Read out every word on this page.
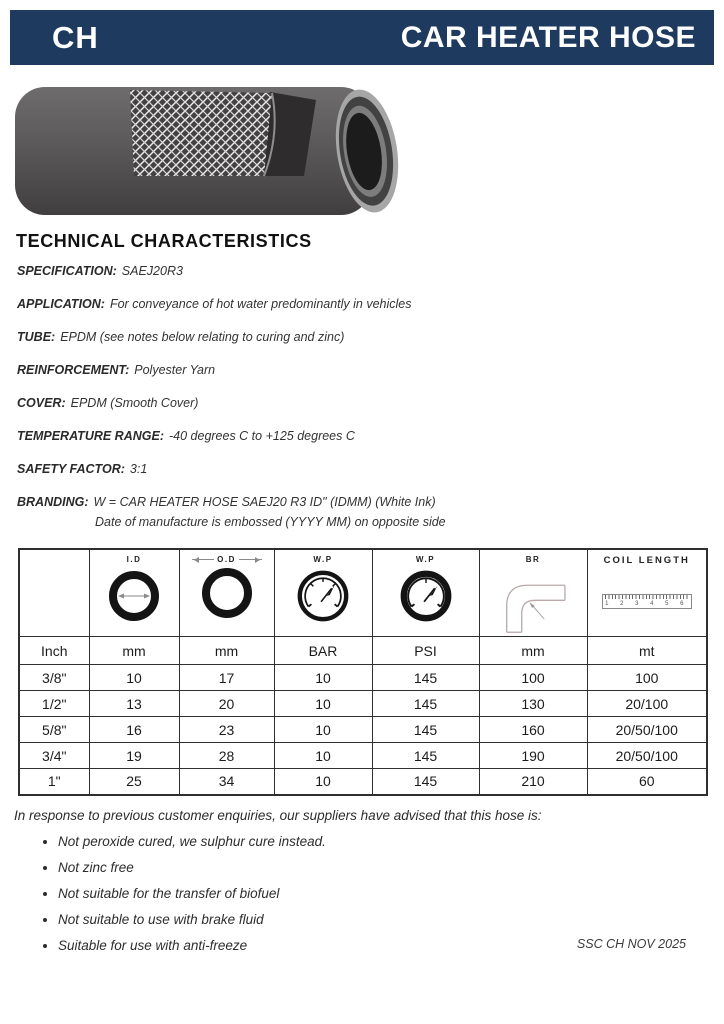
CH	CAR HEATER HOSE
TECHNICAL CHARACTERISTICS
SPECIFICATION: SAEJ20R3
APPLICATION: For conveyance of hot water predominantly in vehicles
TUBE: EPDM (see notes below relating to curing and zinc)
REINFORCEMENT: Polyester Yarn
COVER: EPDM (Smooth Cover)
TEMPERATURE RANGE: -40 degrees C to +125 degrees C
SAFETY FACTOR: 3:1
BRANDING: W = CAR HEATER HOSE SAEJ20 R3 ID" (IDMM) (White Ink)
Date of manufacture is embossed (YYYY MM) on opposite side

	I.D	O.D	W.P	W.P	BR	COIL LENGTH
1 2 3 4 5 6

Inch	mm	mm	BAR	PSI	mm	mt
3/8"	10	17	10	145	100	100
1/2"	13	20	10	145	130	20/100
5/8"	16	23	10	145	160	20/50/100
3/4"	19	28	10	145	190	20/50/100
1"	25	34	10	145	210	60
In response to previous customer enquiries, our suppliers have advised that this hose is:
• Not peroxide cured, we sulphur cure instead.
• Not zinc free
• Not suitable for the transfer of biofuel
• Not suitable to use with brake fluid
• Suitable for use with anti-freeze	SSC CH NOV 2025
